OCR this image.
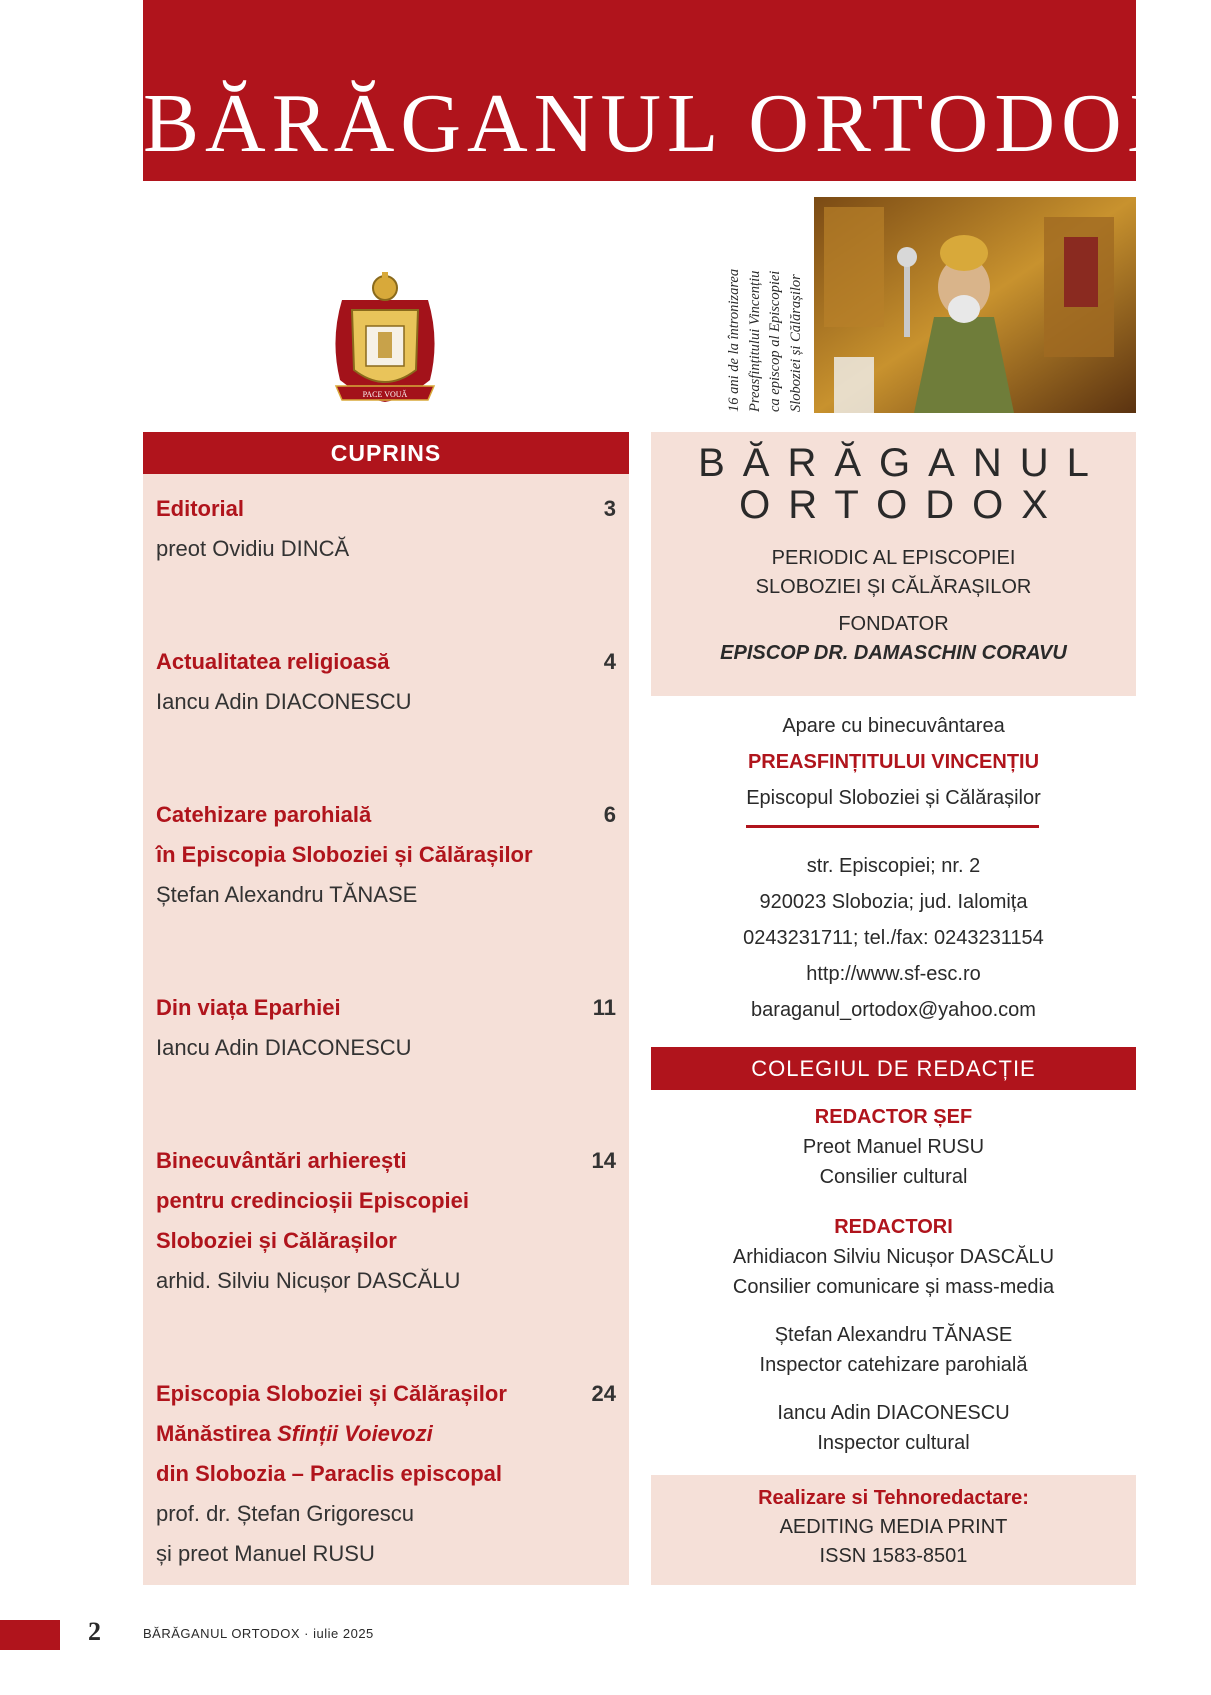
BĂRĂGANUL ORTODOX
PACE VOUĂ	16 ani de la întronizarea Preasfințitului Vincențiu ca episcop al Episcopiei Sloboziei și Călărașilor
CUPRINS
Editorial
preot Ovidiu DINCĂ
3
Actualitatea religioasă
Iancu Adin DIACONESCU
4
Catehizare parohială
în Episcopia Sloboziei și Călărașilor
Ștefan Alexandru TĂNASE
6
Din viața Eparhiei
Iancu Adin DIACONESCU
11
Binecuvântări arhierești
pentru credincioșii Episcopiei
Sloboziei și Călărașilor
arhid. Silviu Nicușor DASCĂLU
14
Episcopia Sloboziei și Călărașilor
Mănăstirea Sfinții Voievozi
din Slobozia – Paraclis episcopal
prof. dr. Ștefan Grigorescu
și preot Manuel RUSU
24
BĂRĂGANUL
ORTODOX
PERIODIC AL EPISCOPIEI
SLOBOZIEI ȘI CĂLĂRAȘILOR
FONDATOR
EPISCOP DR. DAMASCHIN CORAVU
Apare cu binecuvântarea
PREASFINȚITULUI VINCENȚIU
Episcopul Sloboziei și Călărașilor
str. Episcopiei; nr. 2
920023 Slobozia; jud. Ialomița
0243231711; tel./fax: 0243231154
http://www.sf-esc.ro
baraganul_ortodox@yahoo.com
COLEGIUL DE REDACȚIE
REDACTOR ȘEF
Preot Manuel RUSU
Consilier cultural
REDACTORI
Arhidiacon Silviu Nicușor DASCĂLU
Consilier comunicare și mass-media
Ștefan Alexandru TĂNASE
Inspector catehizare parohială
Iancu Adin DIACONESCU
Inspector cultural
Realizare si Tehnoredactare:
AEDITING MEDIA PRINT
ISSN 1583-8501
2	BĂRĂGANUL ORTODOX · iulie 2025
